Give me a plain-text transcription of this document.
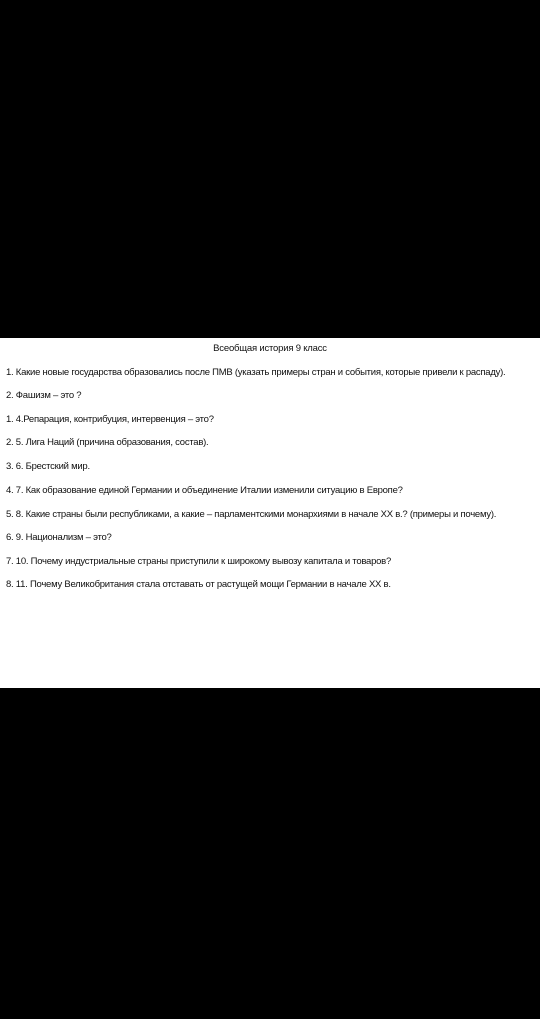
Всеобщая история 9 класс
1. Какие новые государства образовались после ПМВ (указать примеры стран и события, которые привели к распаду).
2. Фашизм – это ?
1. 4.Репарация, контрибуция, интервенция – это?
2. 5. Лига Наций (причина образования, состав).
3. 6. Брестский мир.
4. 7. Как образование единой Германии и объединение Италии изменили ситуацию в Европе?
5. 8. Какие страны были республиками, а какие – парламентскими монархиями в начале XX в.? (примеры и почему).
6. 9. Национализм – это?
7. 10. Почему индустриальные страны приступили к широкому вывозу капитала и товаров?
8. 11. Почему Великобритания стала отставать от растущей мощи Германии в начале XX в.
